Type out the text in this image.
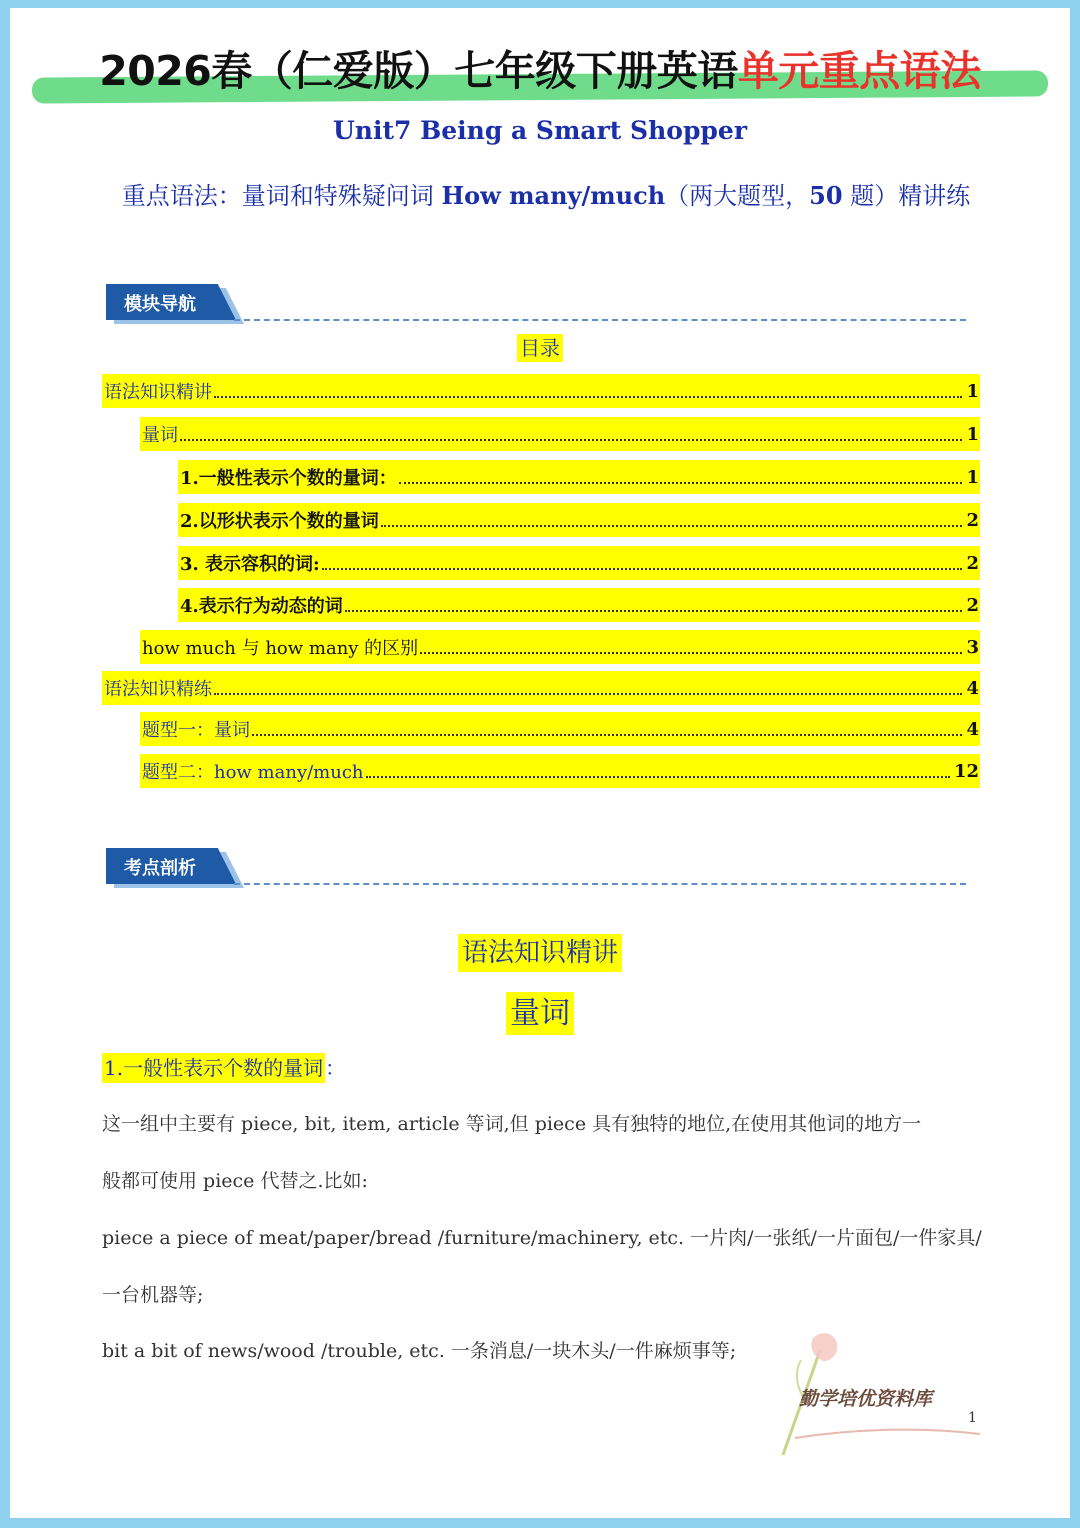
2026春（仁爱版）七年级下册英语单元重点语法
Unit7 Being a Smart Shopper
重点语法：量词和特殊疑问词 How many/much（两大题型，50 题）精讲练
模块导航
目录
语法知识精讲	1
量词	1
1.一般性表示个数的量词：	1
2.以形状表示个数的量词	2
3. 表示容积的词:	2
4.表示行为动态的词	2
how much 与 how many 的区别	3
语法知识精练	4
题型一：量词	4
题型二：how many/much	12
考点剖析
语法知识精讲
量词
1.一般性表示个数的量词 ：
这一组中主要有 piece, bit, item, article 等词,但 piece 具有独特的地位,在使用其他词的地方一
般都可使用 piece 代替之.比如:
piece a piece of meat/paper/bread /furniture/machinery, etc. 一片肉/一张纸/一片面包/一件家具/
一台机器等;
bit a bit of news/wood /trouble, etc. 一条消息/一块木头/一件麻烦事等;
勤学培优资料库
1
